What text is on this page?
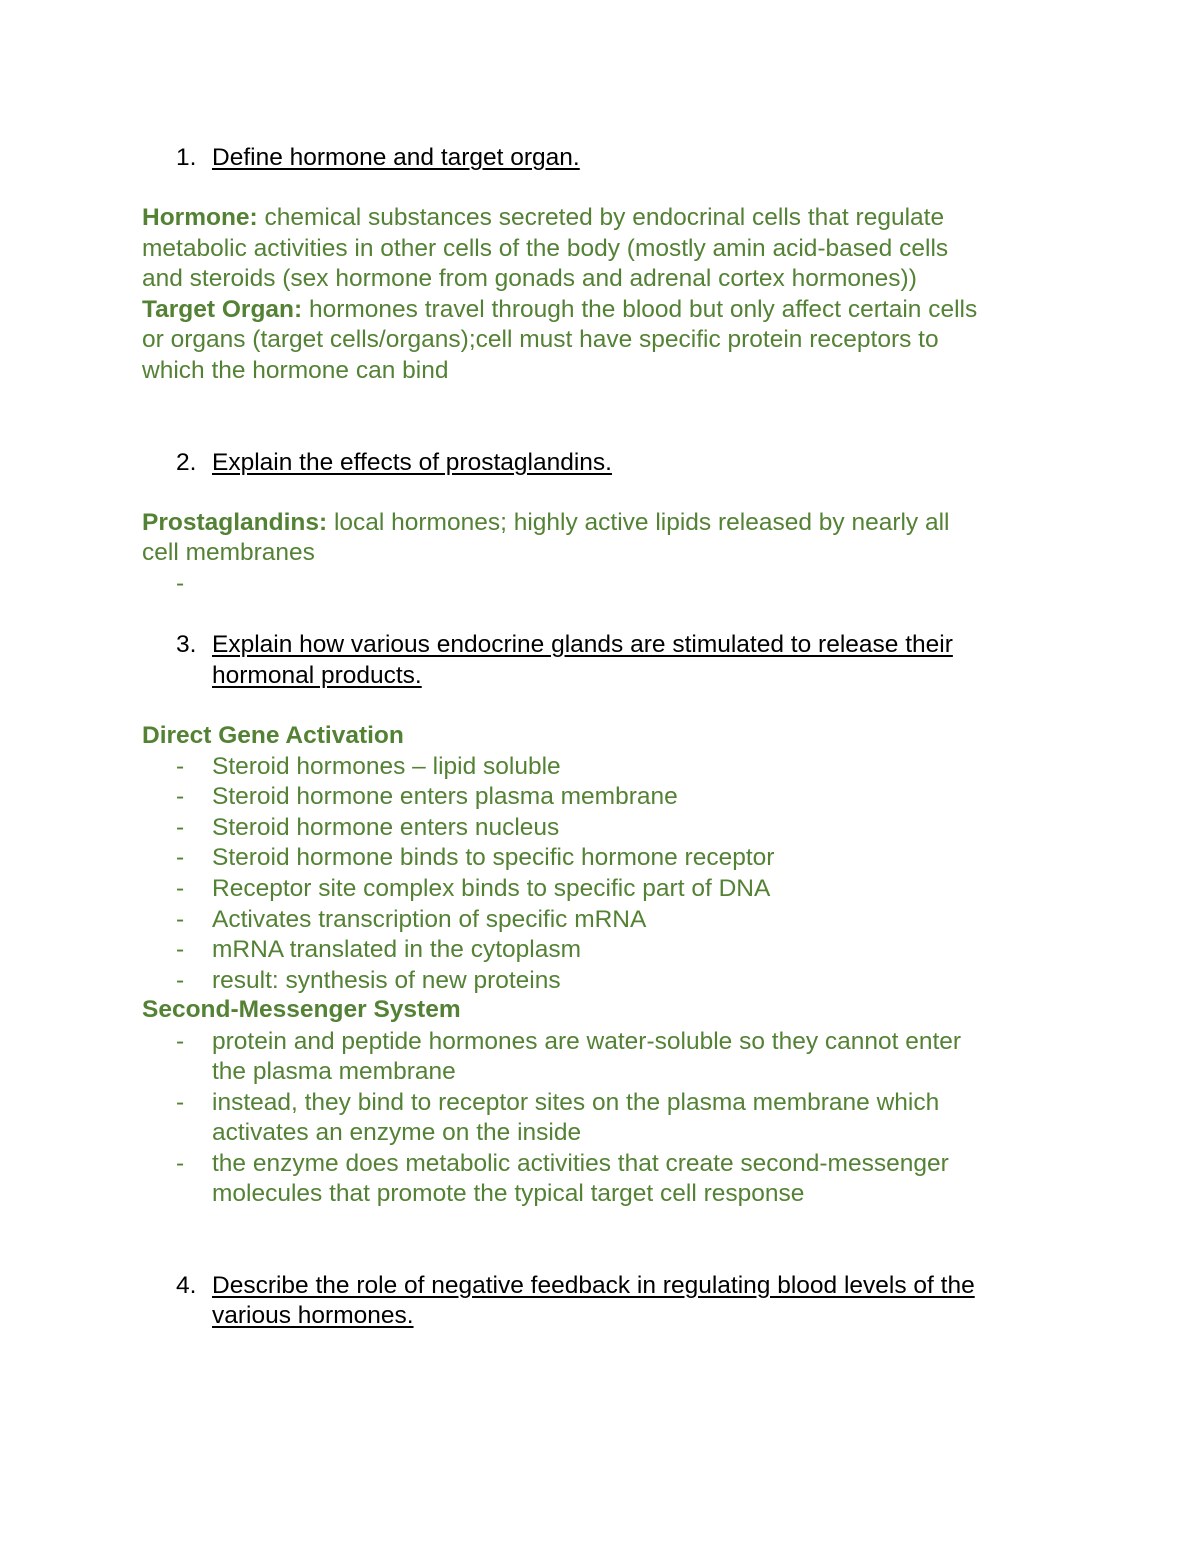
1. Define hormone and target organ.
Hormone: chemical substances secreted by endocrinal cells that regulate
metabolic activities in other cells of the body (mostly amin acid-based cells
and steroids (sex hormone from gonads and adrenal cortex hormones))
Target Organ: hormones travel through the blood but only affect certain cells
or organs (target cells/organs);cell must have specific protein receptors to
which the hormone can bind
2. Explain the effects of prostaglandins.
Prostaglandins: local hormones; highly active lipids released by nearly all
cell membranes
-
3. Explain how various endocrine glands are stimulated to release their
hormonal products.
Direct Gene Activation
- Steroid hormones – lipid soluble
- Steroid hormone enters plasma membrane
- Steroid hormone enters nucleus
- Steroid hormone binds to specific hormone receptor
- Receptor site complex binds to specific part of DNA
- Activates transcription of specific mRNA
- mRNA translated in the cytoplasm
- result: synthesis of new proteins
Second-Messenger System
- protein and peptide hormones are water-soluble so they cannot enter
the plasma membrane
- instead, they bind to receptor sites on the plasma membrane which
activates an enzyme on the inside
- the enzyme does metabolic activities that create second-messenger
molecules that promote the typical target cell response
4. Describe the role of negative feedback in regulating blood levels of the
various hormones.
